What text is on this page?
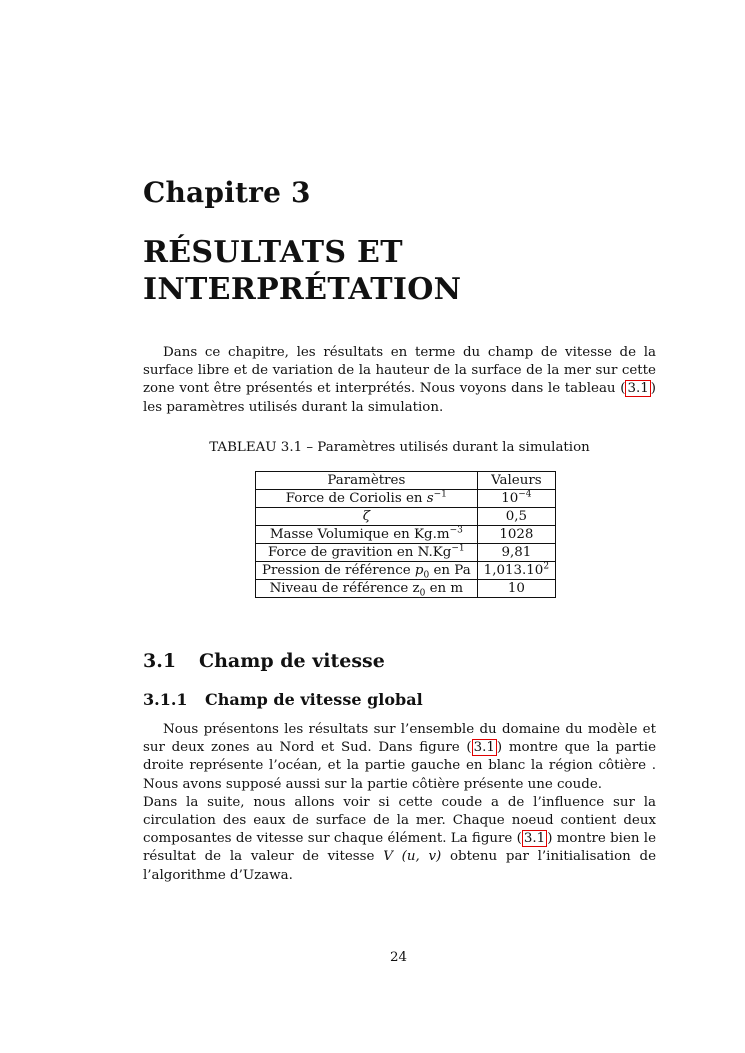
Chapitre 3
RÉSULTATS ET
INTERPRÉTATION

Dans ce chapitre, les résultats en terme du champ de vitesse de la surface libre et de variation de la hauteur de la surface de la mer sur cette zone vont être présentés et interprétés. Nous voyons dans le tableau ( 3.1 ) les paramètres utilisés durant la simulation.

TABLEAU 3.1 – Paramètres utilisés durant la simulation
Paramètres	Valeurs
Force de Coriolis en $s^{-1}$	$10^{-4}$
ζ	0,5
Masse Volumique en $Kg.m^{-3}$	1028
Force de gravition en $N.Kg^{-1}$	9,81
Pression de référence $p_0$ en Pa	1,013.10$^2$
Niveau de référence $z_0$ en m	10
3.1 Champ de vitesse
3.1.1 Champ de vitesse global

Nous présentons les résultats sur l’ensemble du domaine du modèle et sur deux zones au Nord et Sud. Dans figure ( 3.1 ) montre que la partie droite représente l’océan, et la partie gauche en blanc la région côtière . Nous avons supposé aussi sur la partie côtière présente une coude.

Dans la suite, nous allons voir si cette coude a de l’influence sur la circulation des eaux de surface de la mer. Chaque noeud contient deux composantes de vitesse sur chaque élément. La figure ( 3.1 ) montre bien le résultat de la valeur de vitesse V (u, v) obtenu par l’initialisation de l’algorithme d’Uzawa.

24
